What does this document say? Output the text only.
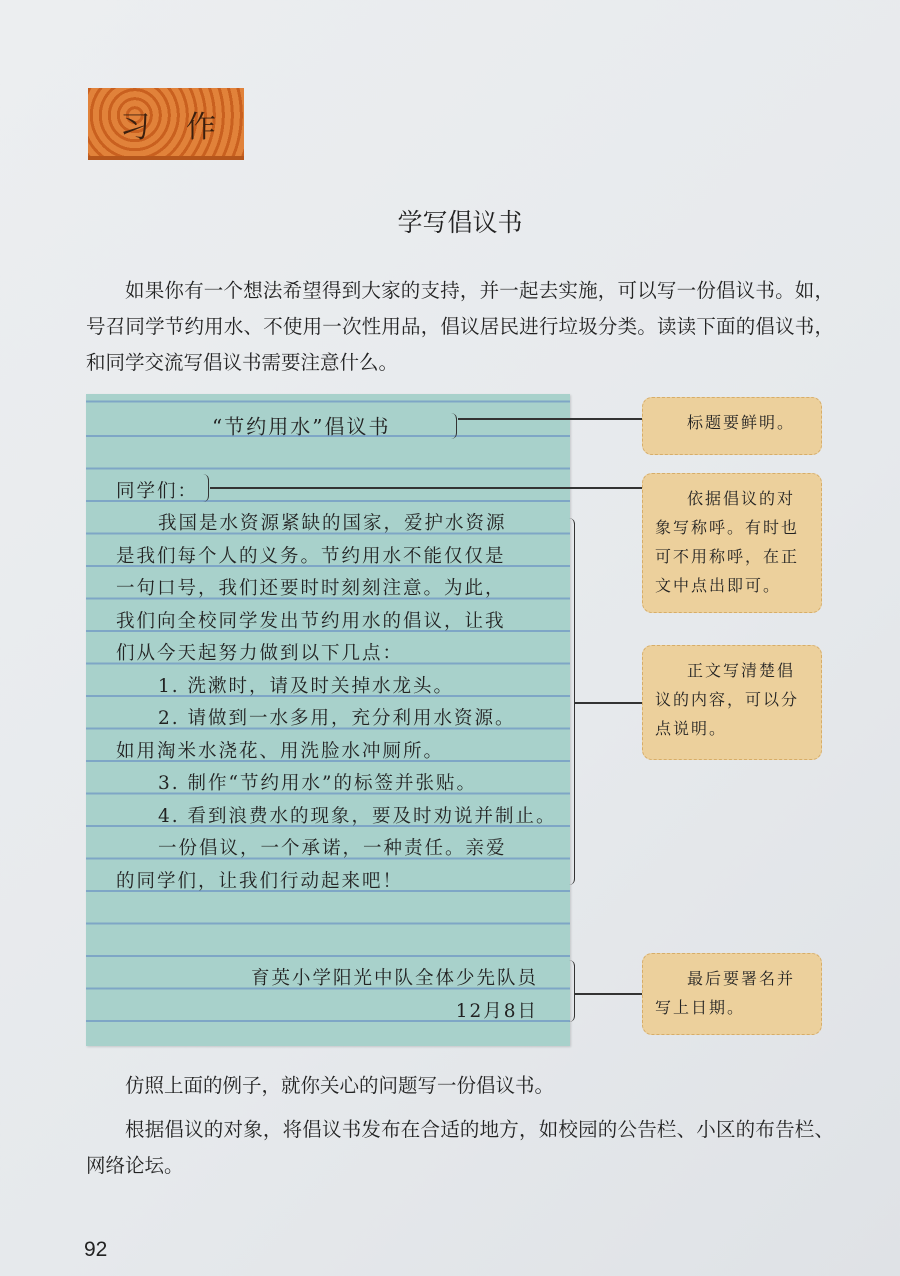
习 作
学写倡议书
如果你有一个想法希望得到大家的支持，并一起去实施，可以写一份倡议书。如，号召同学节约用水、不使用一次性用品，倡议居民进行垃圾分类。读读下面的倡议书，和同学交流写倡议书需要注意什么。
“节约用水”倡议书
同学们：
我国是水资源紧缺的国家，爱护水资源
是我们每个人的义务。节约用水不能仅仅是
一句口号，我们还要时时刻刻注意。为此，
我们向全校同学发出节约用水的倡议，让我
们从今天起努力做到以下几点：
1. 洗漱时，请及时关掉水龙头。
2. 请做到一水多用，充分利用水资源。
如用淘米水浇花、用洗脸水冲厕所。
3. 制作“节约用水”的标签并张贴。
4. 看到浪费水的现象，要及时劝说并制止。
一份倡议，一个承诺，一种责任。亲爱
的同学们，让我们行动起来吧！
育英小学阳光中队全体少先队员
12月8日
标题要鲜明。
依据倡议的对象写称呼。有时也可不用称呼，在正文中点出即可。
正文写清楚倡议的内容，可以分点说明。
最后要署名并写上日期。
仿照上面的例子，就你关心的问题写一份倡议书。
根据倡议的对象，将倡议书发布在合适的地方，如校园的公告栏、小区的布告栏、网络论坛。
92
